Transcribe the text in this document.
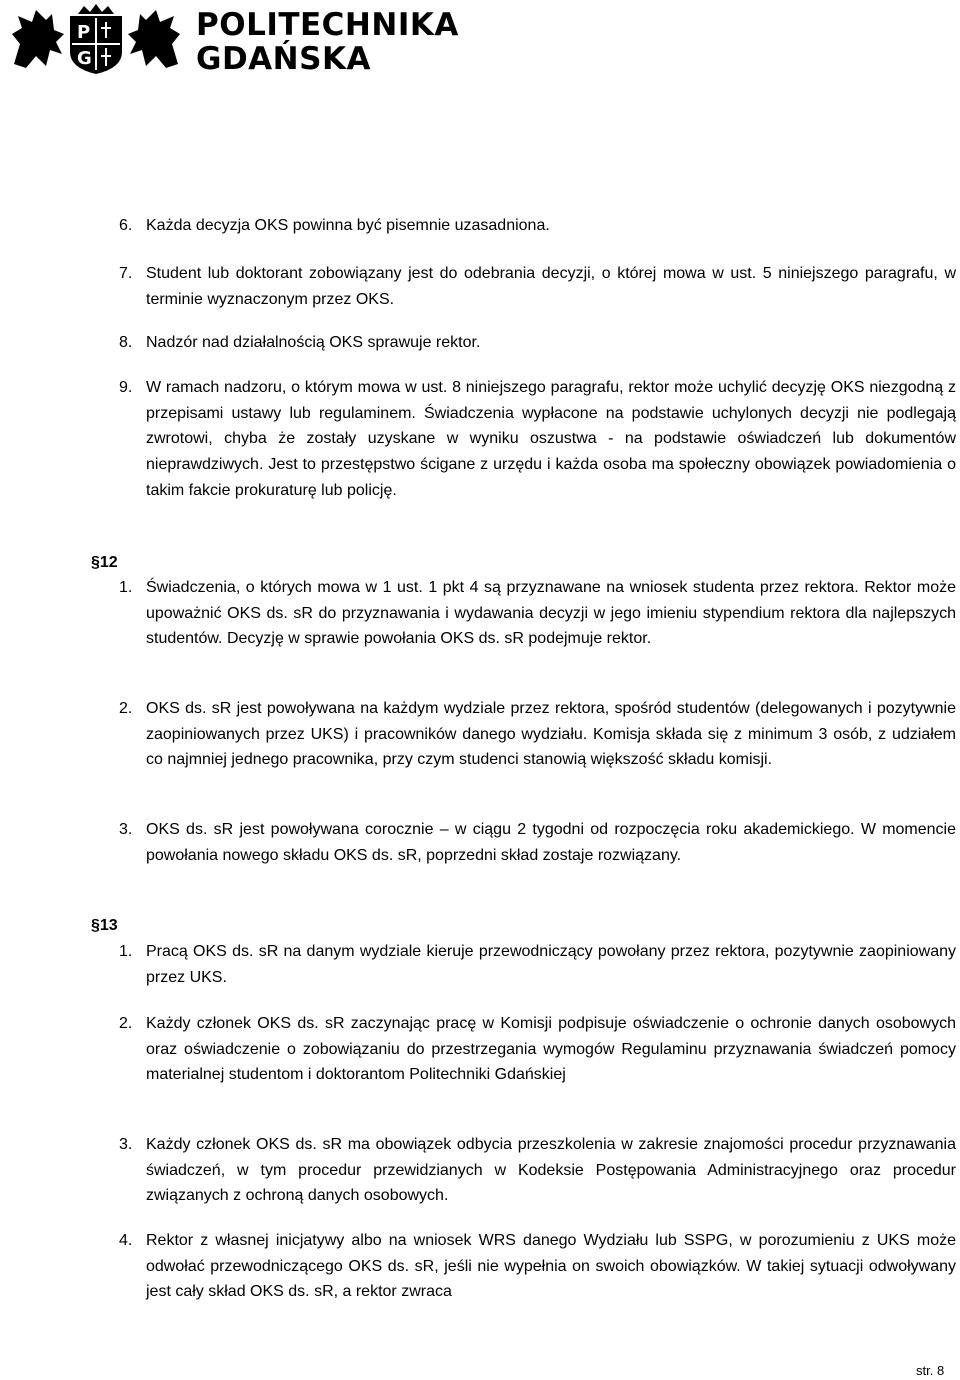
P
G
POLITECHNIKA
GDAŃSKA
6. Każda decyzja OKS powinna być pisemnie uzasadniona.
7. Student lub doktorant zobowiązany jest do odebrania decyzji, o której mowa w ust. 5 niniejszego paragrafu, w terminie wyznaczonym przez OKS.
8. Nadzór nad działalnością OKS sprawuje rektor.
9. W ramach nadzoru, o którym mowa w ust. 8 niniejszego paragrafu, rektor może uchylić decyzję OKS niezgodną z przepisami ustawy lub regulaminem. Świadczenia wypłacone na podstawie uchylonych decyzji nie podlegają zwrotowi, chyba że zostały uzyskane w wyniku oszustwa - na podstawie oświadczeń lub dokumentów nieprawdziwych. Jest to przestępstwo ścigane z urzędu i każda osoba ma społeczny obowiązek powiadomienia o takim fakcie prokuraturę lub policję.
§12
1. Świadczenia, o których mowa w 1 ust. 1 pkt 4 są przyznawane na wniosek studenta przez rektora. Rektor może upoważnić OKS ds. sR do przyznawania i wydawania decyzji w jego imieniu stypendium rektora dla najlepszych studentów. Decyzję w sprawie powołania OKS ds. sR podejmuje rektor.
2. OKS ds. sR jest powoływana na każdym wydziale przez rektora, spośród studentów (delegowanych i pozytywnie zaopiniowanych przez UKS) i pracowników danego wydziału. Komisja składa się z minimum 3 osób, z udziałem co najmniej jednego pracownika, przy czym studenci stanowią większość składu komisji.
3. OKS ds. sR jest powoływana corocznie – w ciągu 2 tygodni od rozpoczęcia roku akademickiego. W momencie powołania nowego składu OKS ds. sR, poprzedni skład zostaje rozwiązany.
§13
1. Pracą OKS ds. sR na danym wydziale kieruje przewodniczący powołany przez rektora, pozytywnie zaopiniowany przez UKS.
2. Każdy członek OKS ds. sR zaczynając pracę w Komisji podpisuje oświadczenie o ochronie danych osobowych oraz oświadczenie o zobowiązaniu do przestrzegania wymogów Regulaminu przyznawania świadczeń pomocy materialnej studentom i doktorantom Politechniki Gdańskiej
3. Każdy członek OKS ds. sR ma obowiązek odbycia przeszkolenia w zakresie znajomości procedur przyznawania świadczeń, w tym procedur przewidzianych w Kodeksie Postępowania Administracyjnego oraz procedur związanych z ochroną danych osobowych.
4. Rektor z własnej inicjatywy albo na wniosek WRS danego Wydziału lub SSPG, w porozumieniu z UKS może odwołać przewodniczącego OKS ds. sR, jeśli nie wypełnia on swoich obowiązków. W takiej sytuacji odwoływany jest cały skład OKS ds. sR, a rektor zwraca
str. 8
